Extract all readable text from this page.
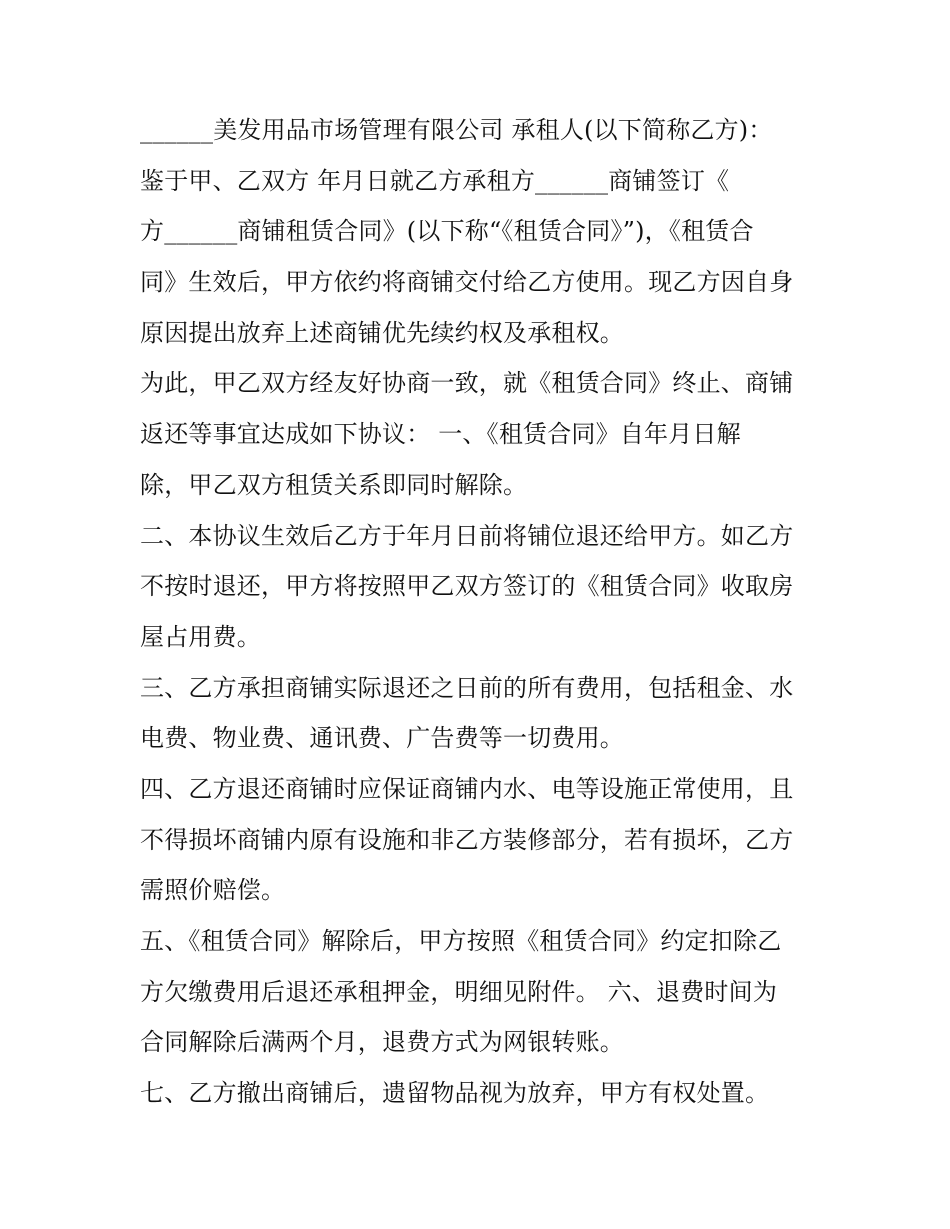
______美发用品市场管理有限公司 承租人(以下简称乙方)：
鉴于甲、乙双方 年月日就乙方承租方______商铺签订《
方______商铺租赁合同》(以下称“《租赁合同》”)，《租赁合
同》生效后，甲方依约将商铺交付给乙方使用。现乙方因自身
原因提出放弃上述商铺优先续约权及承租权。
为此，甲乙双方经友好协商一致，就《租赁合同》终止、商铺
返还等事宜达成如下协议： 一、《租赁合同》自年月日解
除，甲乙双方租赁关系即同时解除。
二、本协议生效后乙方于年月日前将铺位退还给甲方。如乙方
不按时退还，甲方将按照甲乙双方签订的《租赁合同》收取房
屋占用费。
三、乙方承担商铺实际退还之日前的所有费用，包括租金、水
电费、物业费、通讯费、广告费等一切费用。
四、乙方退还商铺时应保证商铺内水、电等设施正常使用，且
不得损坏商铺内原有设施和非乙方装修部分，若有损坏，乙方
需照价赔偿。
五、《租赁合同》解除后，甲方按照《租赁合同》约定扣除乙
方欠缴费用后退还承租押金，明细见附件。 六、退费时间为
合同解除后满两个月，退费方式为网银转账。
七、乙方撤出商铺后，遗留物品视为放弃，甲方有权处置。
